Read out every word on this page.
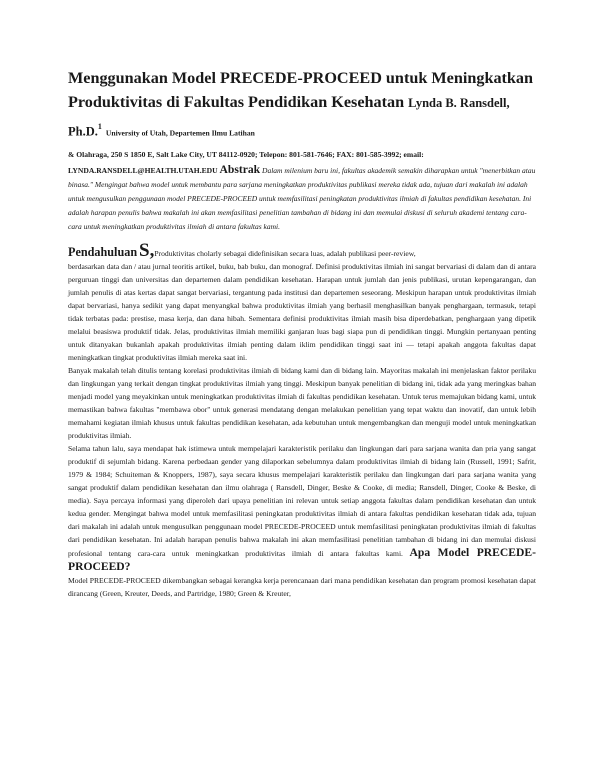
Menggunakan Model PRECEDE-PROCEED untuk Meningkatkan Produktivitas di Fakultas Pendidikan Kesehatan Lynda B. Ransdell, Ph.D.$^1$ University of Utah, Departemen Ilmu Latihan
& Olahraga, 250 S 1850 E, Salt Lake City, UT 84112-0920; Telepon: 801-581-7646; FAX: 801-585-3992; email:
LYNDA.RANSDELL@HEALTH.UTAH.EDU Abstrak Dalam milenium baru ini, fakultas akademik semakin diharapkan untuk "menerbitkan atau binasa." Mengingat bahwa model untuk membantu para sarjana meningkatkan produktivitas publikasi mereka tidak ada, tujuan dari makalah ini adalah untuk mengusulkan penggunaan model PRECEDE-PROCEED untuk memfasilitasi peningkatan produktivitas ilmiah di fakultas pendidikan kesehatan. Ini adalah harapan penulis bahwa makalah ini akan memfasilitasi penelitian tambahan di bidang ini dan memulai diskusi di seluruh akademi tentang cara-cara untuk meningkatkan produktivitas ilmiah di antara fakultas kami.
Pendahuluan S,Produktivitas cholarly sebagai didefinisikan secara luas, adalah publikasi peer-review,

berdasarkan data dan / atau jurnal teoritis artikel, buku, bab buku, dan monograf. Definisi produktivitas ilmiah ini sangat bervariasi di dalam dan di antara perguruan tinggi dan universitas dan departemen dalam pendidikan kesehatan. Harapan untuk jumlah dan jenis publikasi, urutan kepengarangan, dan jumlah penulis di atas kertas dapat sangat bervariasi, tergantung pada institusi dan departemen seseorang. Meskipun harapan untuk produktivitas ilmiah dapat bervariasi, hanya sedikit yang dapat menyangkal bahwa produktivitas ilmiah yang berhasil menghasilkan banyak penghargaan, termasuk, tetapi tidak terbatas pada: prestise, masa kerja, dan dana hibah. Sementara definisi produktivitas ilmiah masih bisa diperdebatkan, penghargaan yang dipetik melalui beasiswa produktif tidak. Jelas, produktivitas ilmiah memiliki ganjaran luas bagi siapa pun di pendidikan tinggi. Mungkin pertanyaan penting untuk ditanyakan bukanlah apakah produktivitas ilmiah penting dalam iklim pendidikan tinggi saat ini — tetapi apakah anggota fakultas dapat meningkatkan tingkat produktivitas ilmiah mereka saat ini.

Banyak makalah telah ditulis tentang korelasi produktivitas ilmiah di bidang kami dan di bidang lain. Mayoritas makalah ini menjelaskan faktor perilaku dan lingkungan yang terkait dengan tingkat produktivitas ilmiah yang tinggi. Meskipun banyak penelitian di bidang ini, tidak ada yang meringkas bahan menjadi model yang meyakinkan untuk meningkatkan produktivitas ilmiah di fakultas pendidikan kesehatan. Untuk terus memajukan bidang kami, untuk memastikan bahwa fakultas "membawa obor" untuk generasi mendatang dengan melakukan penelitian yang tepat waktu dan inovatif, dan untuk lebih memahami kegiatan ilmiah khusus untuk fakultas pendidikan kesehatan, ada kebutuhan untuk mengembangkan dan menguji model untuk meningkatkan produktivitas ilmiah.

Selama tahun lalu, saya mendapat hak istimewa untuk mempelajari karakteristik perilaku dan lingkungan dari para sarjana wanita dan pria yang sangat produktif di sejumlah bidang. Karena perbedaan gender yang dilaporkan sebelumnya dalam produktivitas ilmiah di bidang lain (Russell, 1991; Safrit, 1979 & 1984; Schuiteman & Knoppers, 1987), saya secara khusus mempelajari karakteristik perilaku dan lingkungan dari para sarjana wanita yang sangat produktif dalam pendidikan kesehatan dan ilmu olahraga ( Ransdell, Dinger, Beske & Cooke, di media; Ransdell, Dinger, Cooke & Beske, di media). Saya percaya informasi yang diperoleh dari upaya penelitian ini relevan untuk setiap anggota fakultas dalam pendidikan kesehatan dan untuk kedua gender. Mengingat bahwa model untuk memfasilitasi peningkatan produktivitas ilmiah di antara fakultas pendidikan kesehatan tidak ada, tujuan dari makalah ini adalah untuk mengusulkan penggunaan model PRECEDE-PROCEED untuk memfasilitasi peningkatan produktivitas ilmiah di fakultas dari pendidikan kesehatan. Ini adalah harapan penulis bahwa makalah ini akan memfasilitasi penelitian tambahan di bidang ini dan memulai diskusi profesional tentang cara-cara untuk meningkatkan produktivitas ilmiah di antara fakultas kami. Apa Model PRECEDE-PROCEED?

Model PRECEDE-PROCEED dikembangkan sebagai kerangka kerja perencanaan dari mana pendidikan kesehatan dan program promosi kesehatan dapat dirancang (Green, Kreuter, Deeds, and Partridge, 1980; Green & Kreuter,
